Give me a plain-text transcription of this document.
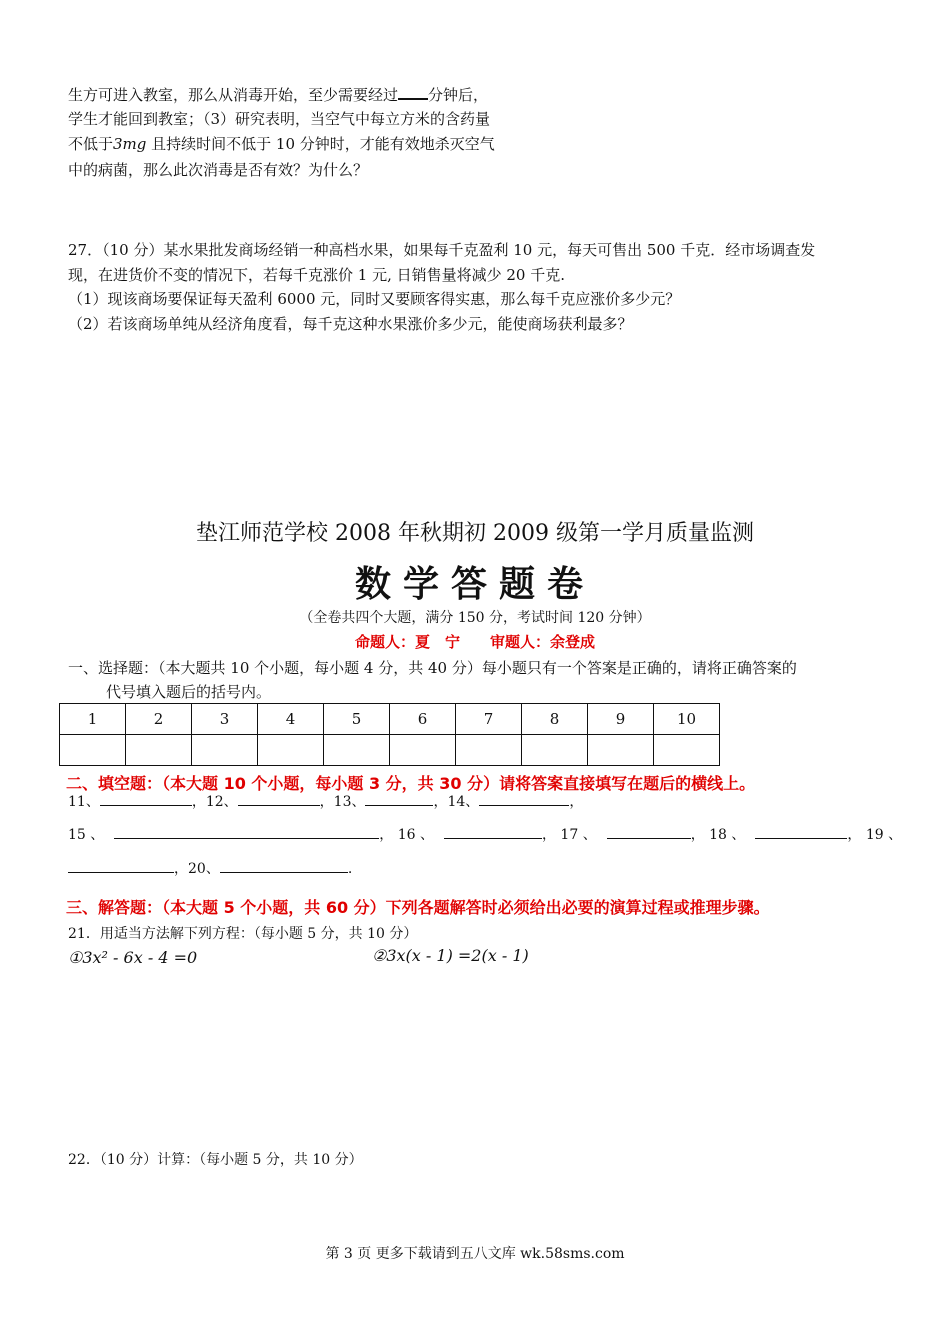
生方可进入教室，那么从消毒开始，至少需要经过 分钟后，
学生才能回到教室；（3）研究表明，当空气中每立方米的含药量
不低于3mg 且持续时间不低于 10 分钟时，才能有效地杀灭空气
中的病菌，那么此次消毒是否有效？为什么？
27．（10 分）某水果批发商场经销一种高档水果，如果每千克盈利 10 元，每天可售出 500 千克．经市场调查发
现，在进货价不变的情况下，若每千克涨价 1 元, 日销售量将减少 20 千克.
（1）现该商场要保证每天盈利 6000 元，同时又要顾客得实惠，那么每千克应涨价多少元？
（2）若该商场单纯从经济角度看，每千克这种水果涨价多少元，能使商场获利最多？
垫江师范学校 2008 年秋期初 2009 级第一学月质量监测
数学答题卷
（全卷共四个大题，满分 150 分，考试时间 120 分钟）
命题人：夏　宁　　审题人：余登成
一、选择题：（本大题共 10 个小题，每小题 4 分，共 40 分）每小题只有一个答案是正确的，请将正确答案的
代号填入题后的括号内。
1	2	3	4	5	6	7	8	9	10

二、填空题：（本大题 10 个小题，每小题 3 分，共 30 分）请将答案直接填写在题后的横线上。
11、	，12、	，13、	，14、	，
15 、	， 16 、	， 17 、	， 18 、	， 19 、
，20、	.
三、解答题：（本大题 5 个小题，共 60 分）下列各题解答时必须给出必要的演算过程或推理步骤。
21．用适当方法解下列方程：（每小题 5 分，共 10 分）
①3x² - 6x - 4 =0	②3x(x - 1) =2(x - 1)
22．（10 分）计算：（每小题 5 分，共 10 分）
第 3 页 更多下载请到五八文库 wk.58sms.com
